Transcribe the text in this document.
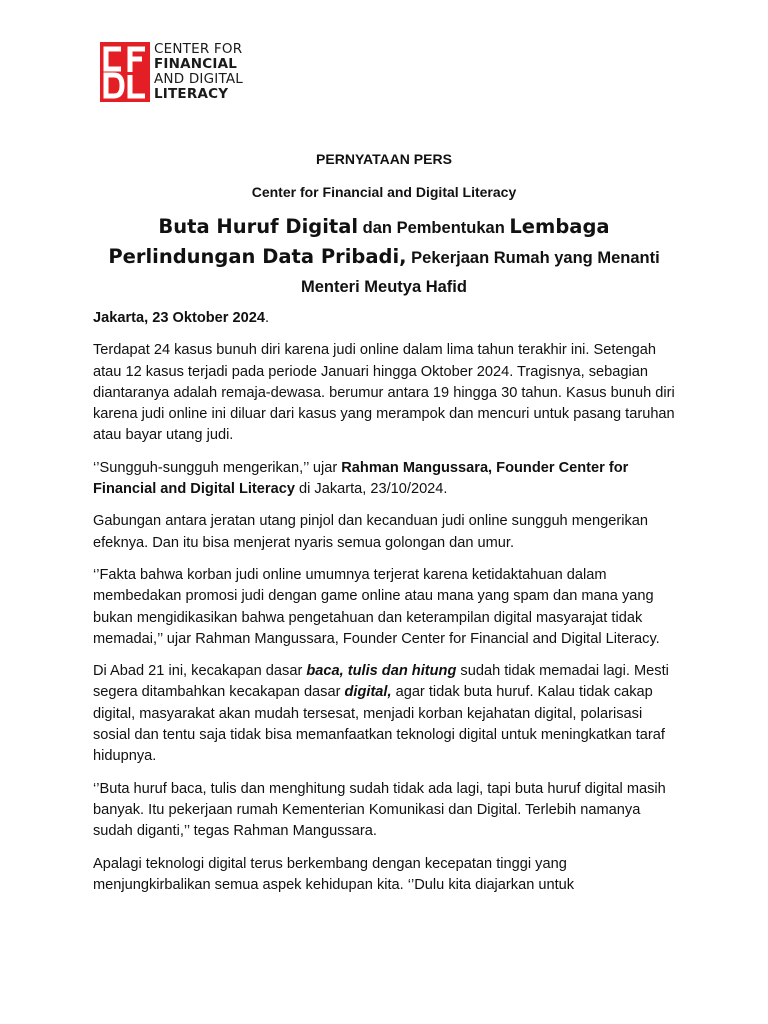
CENTER FOR
FINANCIAL
AND DIGITAL
LITERACY
PERNYATAAN PERS
Center for Financial and Digital Literacy
Buta Huruf Digital dan Pembentukan Lembaga Perlindungan Data Pribadi, Pekerjaan Rumah yang Menanti Menteri Meutya Hafid

Jakarta, 23 Oktober 2024.

Terdapat 24 kasus bunuh diri karena judi online dalam lima tahun terakhir ini. Setengah atau 12 kasus terjadi pada periode Januari hingga Oktober 2024. Tragisnya, sebagian diantaranya adalah remaja-dewasa. berumur antara 19 hingga 30 tahun. Kasus bunuh diri karena judi online ini diluar dari kasus yang merampok dan mencuri untuk pasang taruhan atau bayar utang judi.

‘’Sungguh-sungguh mengerikan,’’ ujar Rahman Mangussara, Founder Center for Financial and Digital Literacy di Jakarta, 23/10/2024.

Gabungan antara jeratan utang pinjol dan kecanduan judi online sungguh mengerikan efeknya. Dan itu bisa menjerat nyaris semua golongan dan umur.

‘’Fakta bahwa korban judi online umumnya terjerat karena ketidaktahuan dalam membedakan promosi judi dengan game online atau mana yang spam dan mana yang bukan mengidikasikan bahwa pengetahuan dan keterampilan digital masyarajat tidak memadai,’’ ujar Rahman Mangussara, Founder Center for Financial and Digital Literacy.

Di Abad 21 ini, kecakapan dasar baca, tulis dan hitung sudah tidak memadai lagi. Mesti segera ditambahkan kecakapan dasar digital, agar tidak buta huruf. Kalau tidak cakap digital, masyarakat akan mudah tersesat, menjadi korban kejahatan digital, polarisasi sosial dan tentu saja tidak bisa memanfaatkan teknologi digital untuk meningkatkan taraf hidupnya.

‘’Buta huruf baca, tulis dan menghitung sudah tidak ada lagi, tapi buta huruf digital masih banyak. Itu pekerjaan rumah Kementerian Komunikasi dan Digital. Terlebih namanya sudah diganti,’’ tegas Rahman Mangussara.

Apalagi teknologi digital terus berkembang dengan kecepatan tinggi yang menjungkirbalikan semua aspek kehidupan kita. ‘’Dulu kita diajarkan untuk
